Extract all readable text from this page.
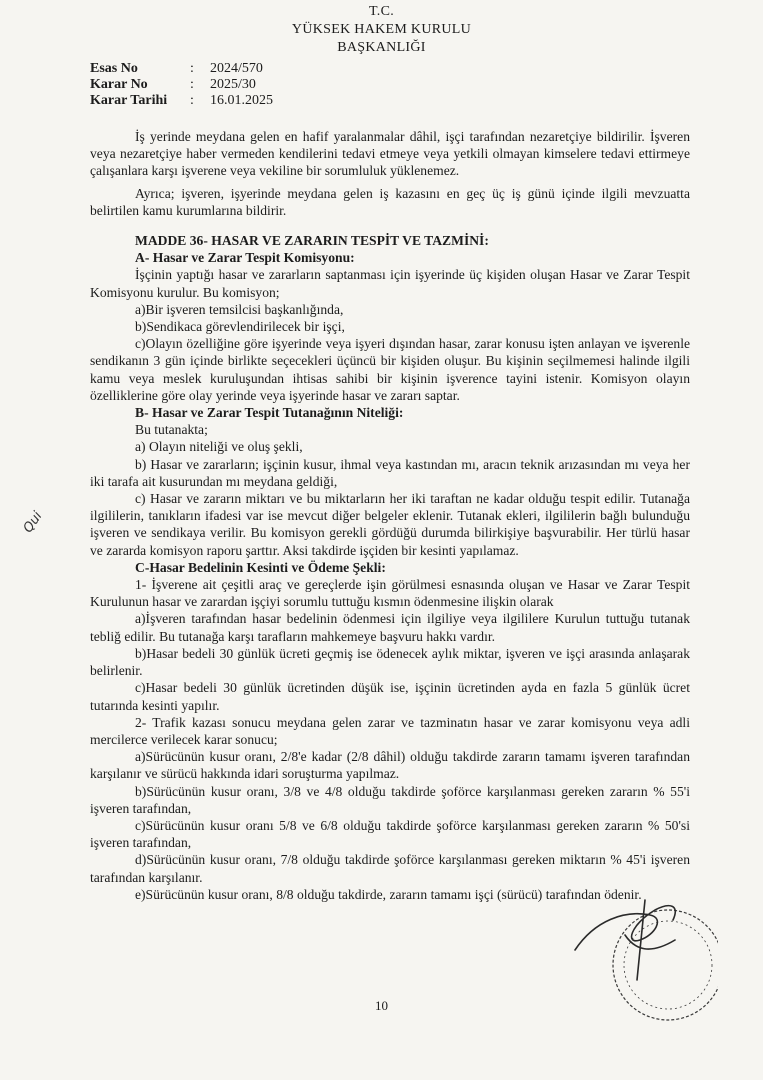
T.C.
YÜKSEK HAKEM KURULU
BAŞKANLIĞI
Esas No	:	2024/570
Karar No	:	2025/30
Karar Tarihi	:	16.01.2025

İş yerinde meydana gelen en hafif yaralanmalar dâhil, işçi tarafından nezaretçiye bildirilir. İşveren veya nezaretçiye haber vermeden kendilerini tedavi etmeye veya yetkili olmayan kimselere tedavi ettirmeye çalışanlara karşı işverene veya vekiline bir sorumluluk yüklenemez.

Ayrıca; işveren, işyerinde meydana gelen iş kazasını en geç üç iş günü içinde ilgili mevzuatta belirtilen kamu kurumlarına bildirir.

MADDE 36- HASAR VE ZARARIN TESPİT VE TAZMİNİ:

A- Hasar ve Zarar Tespit Komisyonu:

İşçinin yaptığı hasar ve zararların saptanması için işyerinde üç kişiden oluşan Hasar ve Zarar Tespit Komisyonu kurulur. Bu komisyon;

a)Bir işveren temsilcisi başkanlığında,

b)Sendikaca görevlendirilecek bir işçi,

c)Olayın özelliğine göre işyerinde veya işyeri dışından hasar, zarar konusu işten anlayan ve işverenle sendikanın 3 gün içinde birlikte seçecekleri üçüncü bir kişiden oluşur. Bu kişinin seçilmemesi halinde ilgili kamu veya meslek kuruluşundan ihtisas sahibi bir kişinin işverence tayini istenir. Komisyon olayın özelliklerine göre olay yerinde veya işyerinde hasar ve zararı saptar.

B- Hasar ve Zarar Tespit Tutanağının Niteliği:

Bu tutanakta;

a) Olayın niteliği ve oluş şekli,

b) Hasar ve zararların; işçinin kusur, ihmal veya kastından mı, aracın teknik arızasından mı veya her iki tarafa ait kusurundan mı meydana geldiği,

c) Hasar ve zararın miktarı ve bu miktarların her iki taraftan ne kadar olduğu tespit edilir. Tutanağa ilgililerin, tanıkların ifadesi var ise mevcut diğer belgeler eklenir. Tutanak ekleri, ilgililerin bağlı bulunduğu işveren ve sendikaya verilir. Bu komisyon gerekli gördüğü durumda bilirkişiye başvurabilir. Her türlü hasar ve zararda komisyon raporu şarttır. Aksi takdirde işçiden bir kesinti yapılamaz.

C-Hasar Bedelinin Kesinti ve Ödeme Şekli:

1- İşverene ait çeşitli araç ve gereçlerde işin görülmesi esnasında oluşan ve Hasar ve Zarar Tespit Kurulunun hasar ve zarardan işçiyi sorumlu tuttuğu kısmın ödenmesine ilişkin olarak

a)İşveren tarafından hasar bedelinin ödenmesi için ilgiliye veya ilgililere Kurulun tuttuğu tutanak tebliğ edilir. Bu tutanağa karşı tarafların mahkemeye başvuru hakkı vardır.

b)Hasar bedeli 30 günlük ücreti geçmiş ise ödenecek aylık miktar, işveren ve işçi arasında anlaşarak belirlenir.

c)Hasar bedeli 30 günlük ücretinden düşük ise, işçinin ücretinden ayda en fazla 5 günlük ücret tutarında kesinti yapılır.

2- Trafik kazası sonucu meydana gelen zarar ve tazminatın hasar ve zarar komisyonu veya adli mercilerce verilecek karar sonucu;

a)Sürücünün kusur oranı, 2/8'e kadar (2/8 dâhil) olduğu takdirde zararın tamamı işveren tarafından karşılanır ve sürücü hakkında idari soruşturma yapılmaz.

b)Sürücünün kusur oranı, 3/8 ve 4/8 olduğu takdirde şoförce karşılanması gereken zararın % 55'i işveren tarafından,

c)Sürücünün kusur oranı 5/8 ve 6/8 olduğu takdirde şoförce karşılanması gereken zararın % 50'si işveren tarafından,

d)Sürücünün kusur oranı, 7/8 olduğu takdirde şoförce karşılanması gereken miktarın % 45'i işveren tarafından karşılanır.

e)Sürücünün kusur oranı, 8/8 olduğu takdirde, zararın tamamı işçi (sürücü) tarafından ödenir.

Qui
10
